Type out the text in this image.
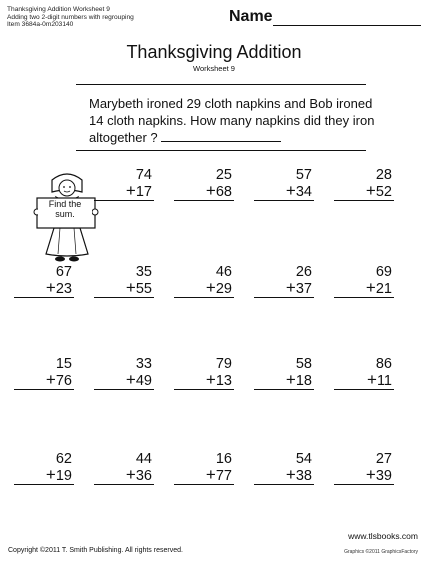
Thanksgiving Addition Worksheet 9
Adding two 2-digit numbers with regrouping
Item 3684a-0m203140	Name
Thanksgiving Addition
Worksheet 9
Marybeth ironed 29 cloth napkins and Bob ironed 14 cloth napkins. How many napkins did they iron altogether ?
Find the
sum.
74
+17
25
+68
57
+34
28
+52
67
+23
35
+55
46
+29
26
+37
69
+21
15
+76
33
+49
79
+13
58
+18
86
+11
62
+19
44
+36
16
+77
54
+38
27
+39
www.tlsbooks.com
Graphics ©2011 GraphicsFactory
Copyright ©2011 T. Smith Publishing. All rights reserved.
